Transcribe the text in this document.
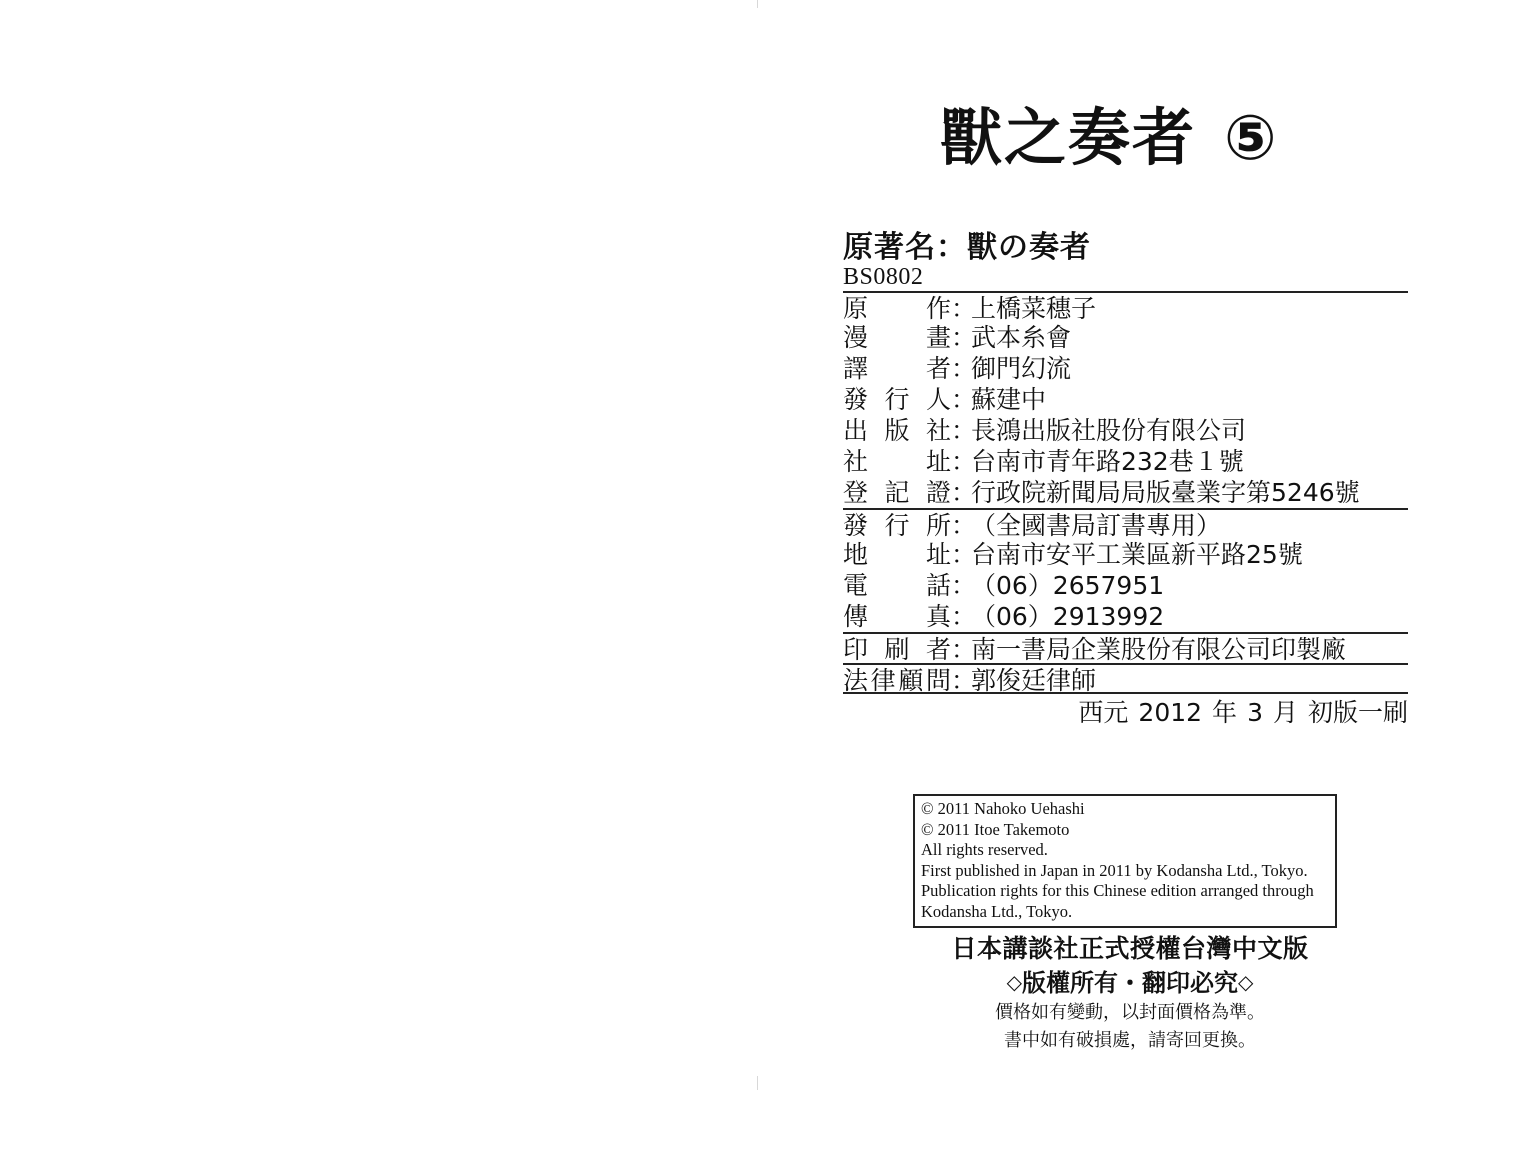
獸之奏者 ⑤
原著名：獸の奏者
BS0802
原 作 ：
上橋菜穗子
漫 畫 ：
武本糸會
譯 者 ：
御門幻流
發 行 人 ：
蘇建中
出 版 社 ：
長鴻出版社股份有限公司
社 址 ：
台南市青年路232巷１號
登 記 證 ：
行政院新聞局局版臺業字第5246號
發 行 所 ：
（全國書局訂書專用）
地 址 ：
台南市安平工業區新平路25號
電 話 ：
（06）2657951
傳 真 ：
（06）2913992
印 刷 者 ：
南一書局企業股份有限公司印製廠
法 律 顧 問 ：
郭俊廷律師
西元 2012 年 3 月 初版一刷
© 2011 Nahoko Uehashi
© 2011 Itoe Takemoto
All rights reserved.
First published in Japan in 2011 by Kodansha Ltd., Tokyo.
Publication rights for this Chinese edition arranged through
Kodansha Ltd., Tokyo.
日本講談社正式授權台灣中文版
◇版權所有・翻印必究◇
價格如有變動，以封面價格為準。
書中如有破損處，請寄回更換。
